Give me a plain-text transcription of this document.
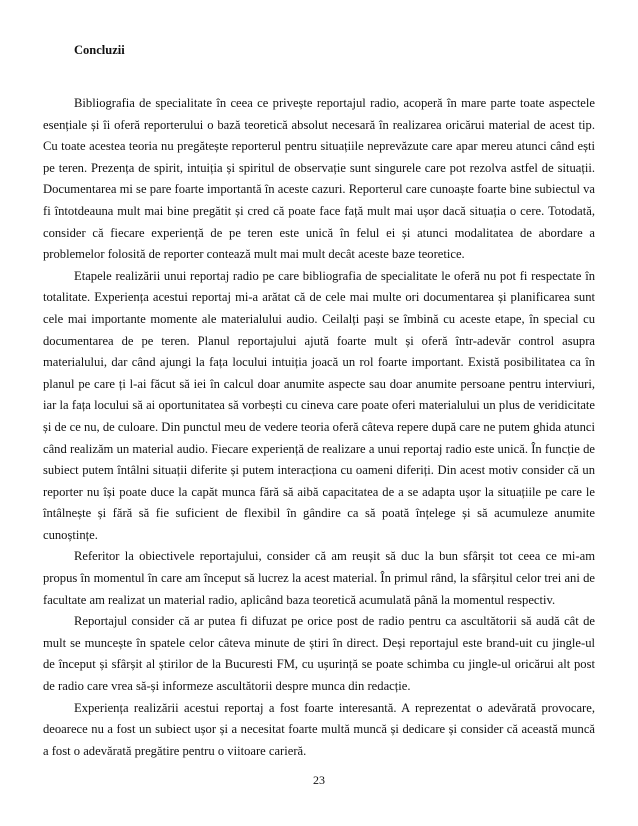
Concluzii

Bibliografia de specialitate în ceea ce privește reportajul radio, acoperă în mare parte toate aspectele esențiale și îi oferă reporterului o bază teoretică absolut necesară în realizarea oricărui material de acest tip. Cu toate acestea teoria nu pregătește reporterul pentru situațiile neprevăzute care apar mereu atunci când ești pe teren. Prezența de spirit, intuiția și spiritul de observație sunt singurele care pot rezolva astfel de situații. Documentarea mi se pare foarte importantă în aceste cazuri. Reporterul care cunoaște foarte bine subiectul va fi întotdeauna mult mai bine pregătit și cred că poate face față mult mai ușor dacă situația o cere. Totodată, consider că fiecare experiență de pe teren este unică în felul ei și atunci modalitatea de abordare a problemelor folosită de reporter contează mult mai mult decât aceste baze teoretice.

Etapele realizării unui reportaj radio pe care bibliografia de specialitate le oferă nu pot fi respectate în totalitate. Experiența acestui reportaj mi-a arătat că de cele mai multe ori documentarea și planificarea sunt cele mai importante momente ale materialului audio. Ceilalți pași se îmbină cu aceste etape, în special cu documentarea de pe teren. Planul reportajului ajută foarte mult și oferă într-adevăr control asupra materialului, dar când ajungi la fața locului intuiția joacă un rol foarte important. Există posibilitatea ca în planul pe care ți l-ai făcut să iei în calcul doar anumite aspecte sau doar anumite persoane pentru interviuri, iar la fața locului să ai oportunitatea să vorbești cu cineva care poate oferi materialului un plus de veridicitate și de ce nu, de culoare. Din punctul meu de vedere teoria oferă câteva repere după care ne putem ghida atunci când realizăm un material audio. Fiecare experiență de realizare a unui reportaj radio este unică. În funcție de subiect putem întâlni situații diferite și putem interacționa cu oameni diferiți. Din acest motiv consider că un reporter nu își poate duce la capăt munca fără să aibă capacitatea de a se adapta ușor la situațiile pe care le întâlnește și fără să fie suficient de flexibil în gândire ca să poată înțelege și să acumuleze anumite cunoștințe.

Referitor la obiectivele reportajului, consider că am reușit să duc la bun sfârșit tot ceea ce mi-am propus în momentul în care am început să lucrez la acest material. În primul rând, la sfârșitul celor trei ani de facultate am realizat un material radio, aplicând baza teoretică acumulată până la momentul respectiv.

Reportajul consider că ar putea fi difuzat pe orice post de radio pentru ca ascultătorii să audă cât de mult se muncește în spatele celor câteva minute de știri în direct. Deși reportajul este brand-uit cu jingle-ul de început și sfârșit al știrilor de la Bucuresti FM, cu ușurință se poate schimba cu jingle-ul oricărui alt post de radio care vrea să-și informeze ascultătorii despre munca din redacție.

Experiența realizării acestui reportaj a fost foarte interesantă. A reprezentat o adevărată provocare, deoarece nu a fost un subiect ușor și a necesitat foarte multă muncă și dedicare și consider că această muncă a fost o adevărată pregătire pentru o viitoare carieră.

23
